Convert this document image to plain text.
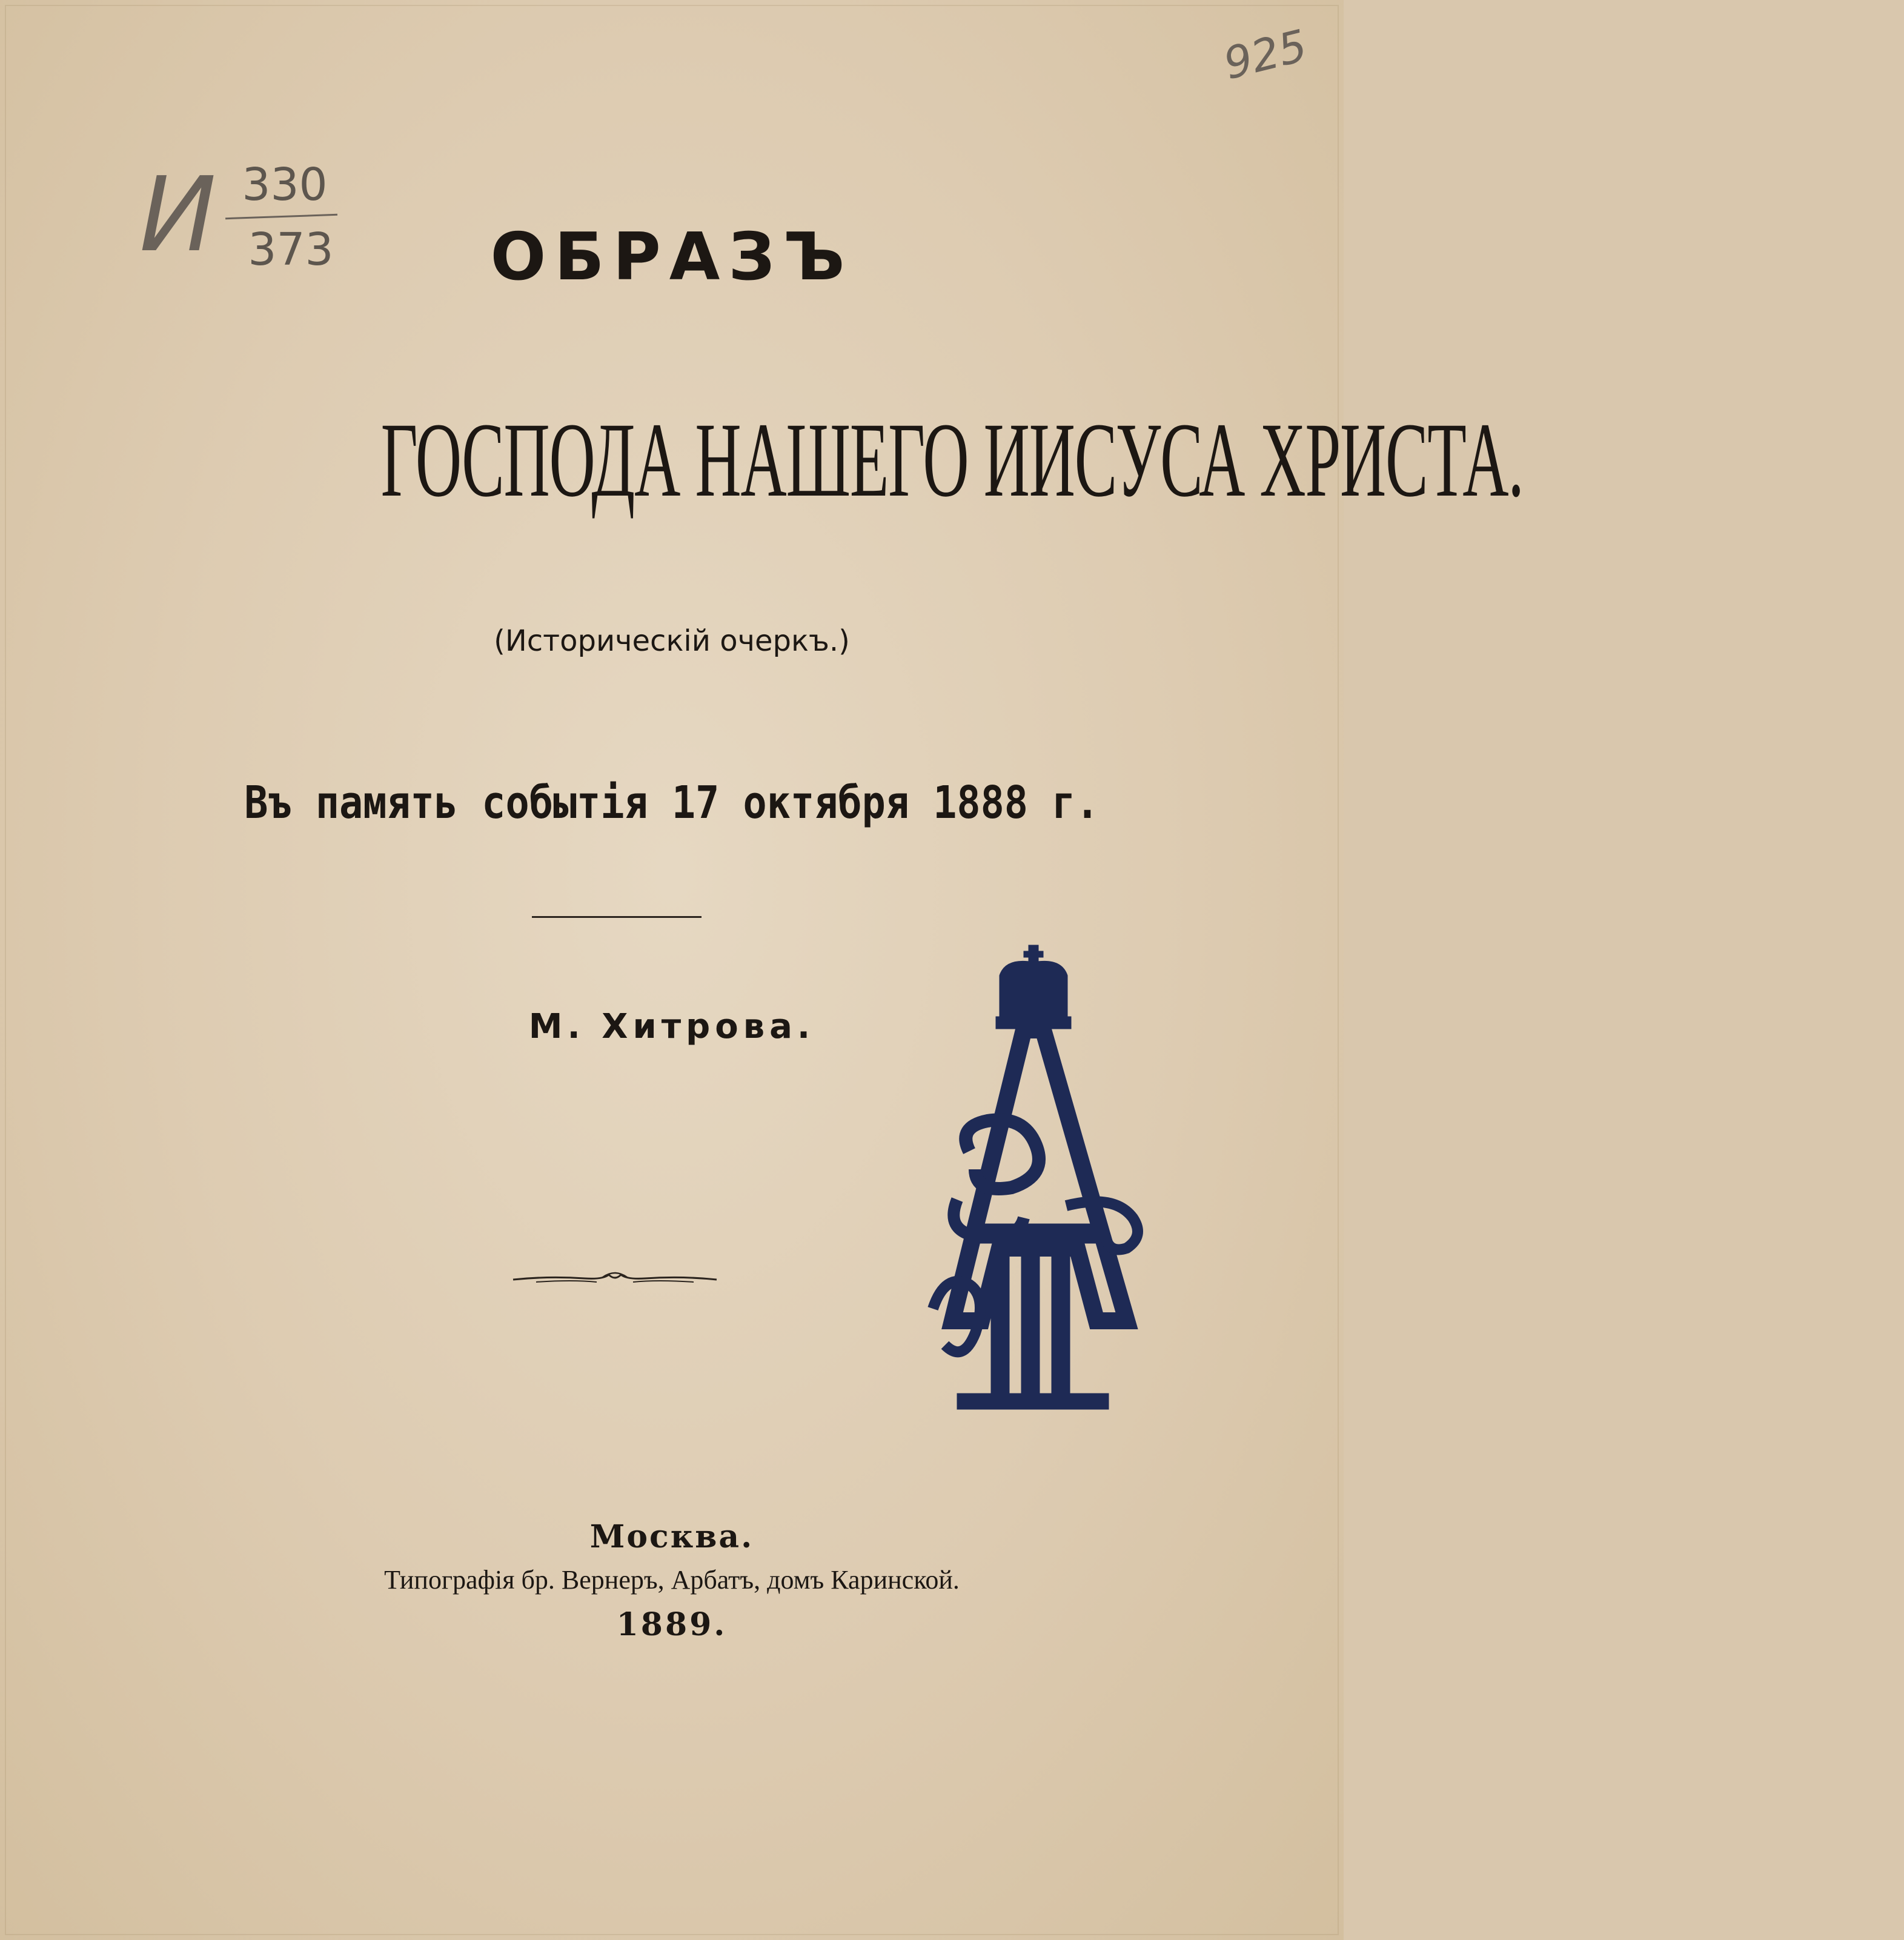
И 330
373
925
ОБРАЗЪ
ГОСПОДА НАШЕГО ИИСУСА ХРИСТА.
(Историческiй очеркъ.)
Въ память событiя 17 октября 1888 г.
М. Хитрова.
Москва.
Типографiя бр. Вернеръ, Арбатъ, домъ Каринской.
1889.
